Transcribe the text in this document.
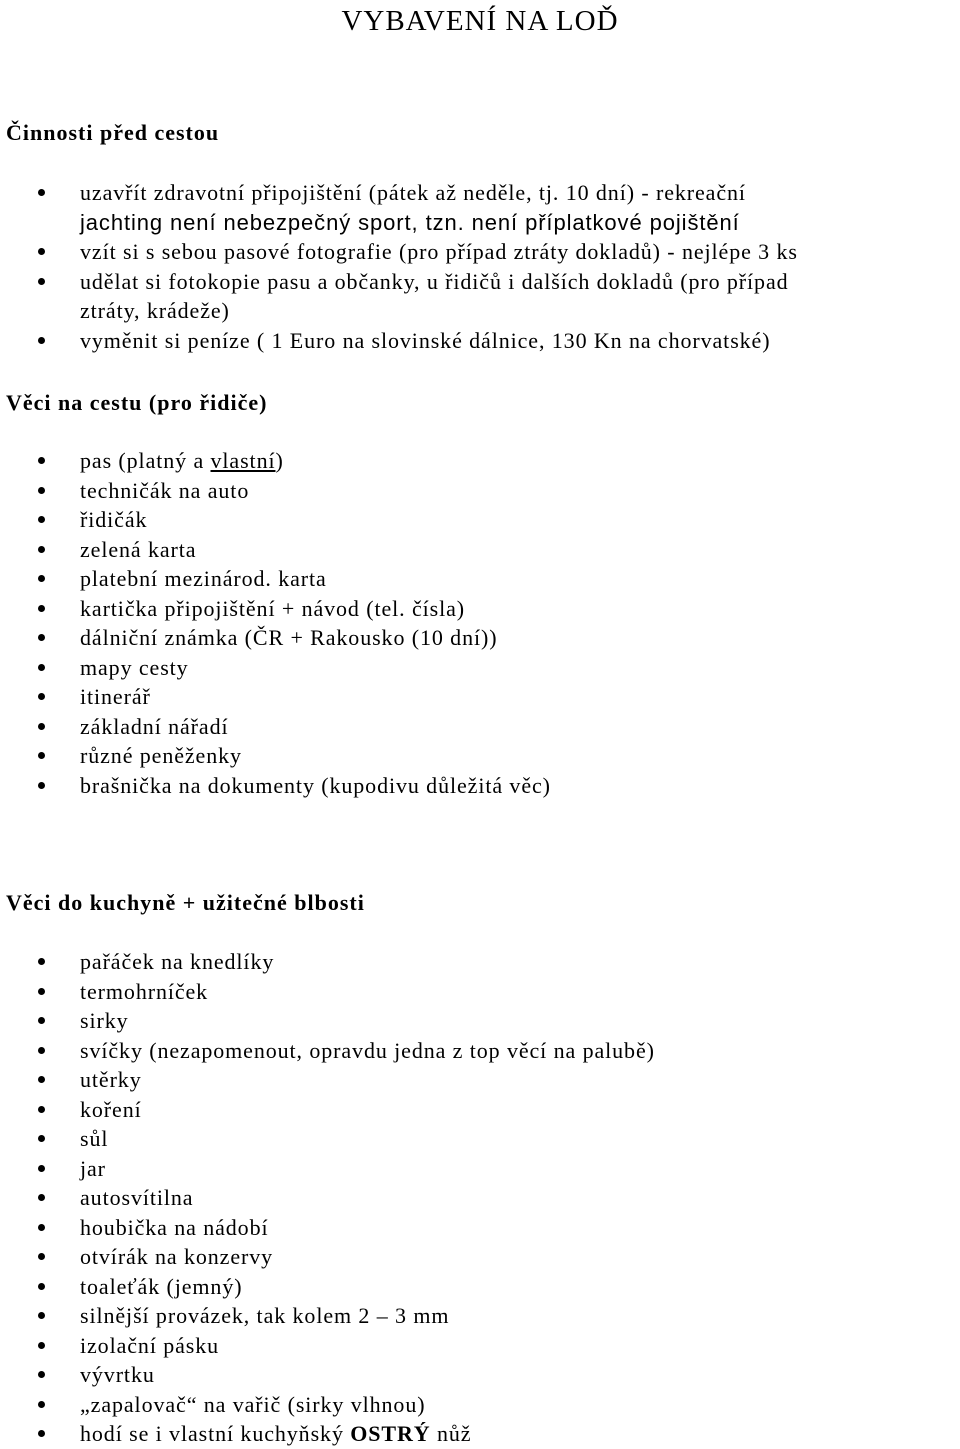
VYBAVENÍ NA LOĎ
Činnosti před cestou
uzavřít zdravotní připojištění (pátek až neděle, tj. 10 dní) - rekreační
jachting není nebezpečný sport, tzn. není příplatkové pojištění
vzít si s sebou pasové fotografie (pro případ ztráty dokladů) - nejlépe 3 ks
udělat si fotokopie pasu a občanky, u řidičů i dalších dokladů (pro případ
ztráty, krádeže)
vyměnit si peníze ( 1 Euro na slovinské dálnice, 130 Kn na chorvatské)
Věci na cestu (pro řidiče)
pas (platný a vlastní)
techničák na auto
řidičák
zelená karta
platební mezinárod. karta
kartička připojištění + návod (tel. čísla)
dálniční známka (ČR + Rakousko (10 dní))
mapy cesty
itinerář
základní nářadí
různé peněženky
brašnička na dokumenty (kupodivu důležitá věc)
Věci do kuchyně + užitečné blbosti
pařáček na knedlíky
termohrníček
sirky
svíčky (nezapomenout, opravdu jedna z top věcí na palubě)
utěrky
koření
sůl
jar
autosvítilna
houbička na nádobí
otvírák na konzervy
toaleťák (jemný)
silnější provázek, tak kolem 2 – 3 mm
izolační pásku
vývrtku
„zapalovač“ na vařič (sirky vlhnou)
hodí se i vlastní kuchyňský OSTRÝ nůž
